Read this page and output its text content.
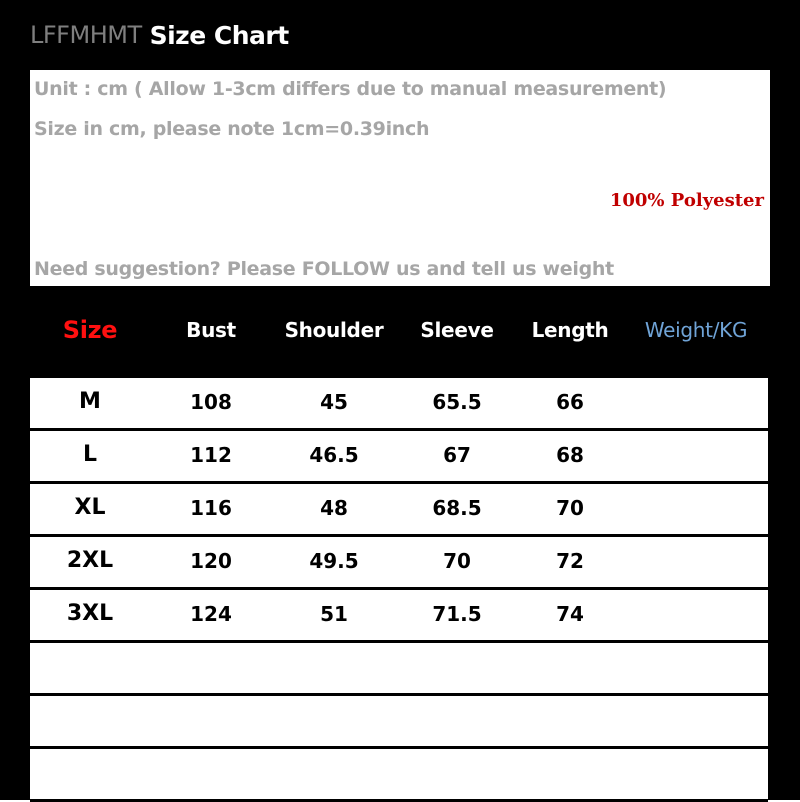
LFFMHMT Size Chart
Unit : cm ( Allow 1-3cm differs due to manual measurement)
Size in cm, please note 1cm=0.39inch
100% Polyester
Need suggestion? Please FOLLOW us and tell us weight
Size	Bust	Shoulder	Sleeve	Length	Weight/KG
M	108	45	65.5	66
L	112	46.5	67	68
XL	116	48	68.5	70
2XL	120	49.5	70	72
3XL	124	51	71.5	74
